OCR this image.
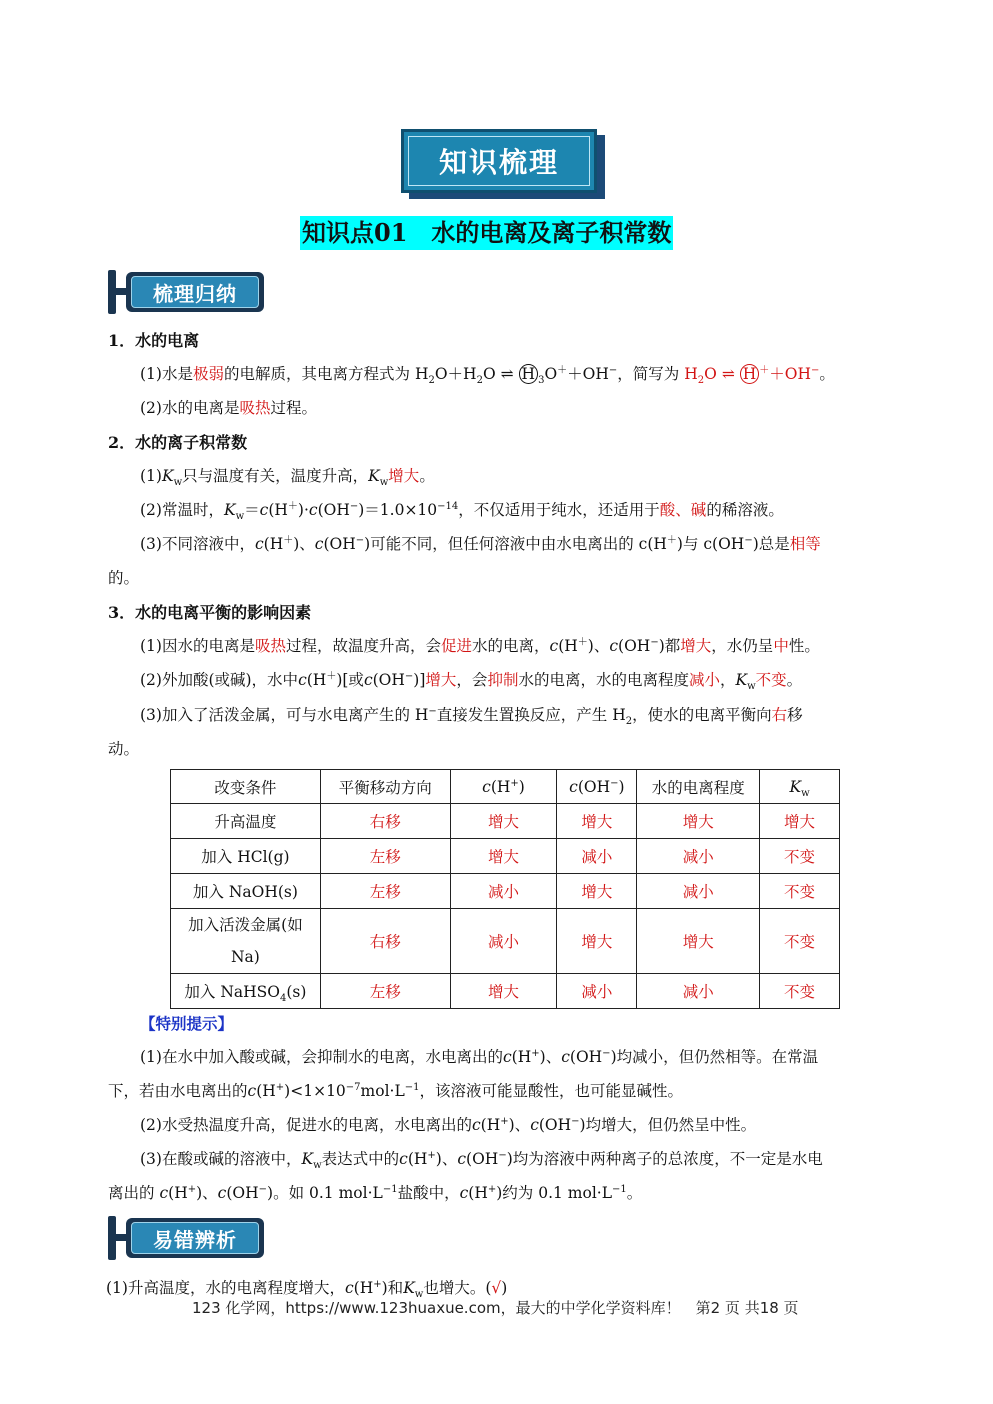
知识梳理
知识点01　水的电离及离子积常数
梳理归纳
1．水的电离
(1)水是极弱的电解质，其电离方程式为 $H_2O+H_2O$ ⇌ H $_3$O＋＋OH−，简写为 $H_2O$ ⇌ H ＋＋OH−。
(2)水的电离是吸热过程。
2．水的离子积常数
$(1)K_w$只与温度有关，温度升高，$K_w$增大。
(2)常温时，$K_w=c(H^+)\cdot c(OH^-)=1.0\times 10^{-14}$，不仅适用于纯水，还适用于酸、碱的稀溶液。
(3)不同溶液中，c(H＋)、c(OH−)可能不同，但任何溶液中由水电离出的 c(H＋)与 c(OH−)总是相等
的。
3．水的电离平衡的影响因素
(1)因水的电离是吸热过程，故温度升高，会促进水的电离，c(H＋)、c(OH−)都增大，水仍呈中性。
(2)外加酸(或碱)，水中c(H＋)[或c(OH−)]增大，会抑制水的电离，水的电离程度减小，$K_w$不变。
(3)加入了活泼金属，可与水电离产生的 H−直接发生置换反应，产生 $H_2$，使水的电离平衡向右移
动。
改变条件	平衡移动方向	c(H+)	c(OH−)	水的电离程度	$K_w$
升高温度	右移	增大	增大	增大	增大
加入 HCl(g)	左移	增大	减小	减小	不变
加入 NaOH(s)	左移	减小	增大	减小	不变
加入活泼金属(如Na)	右移	减小	增大	增大	不变
加入 NaHSO$_4$(s)	左移	增大	减小	减小	不变
【特别提示】
(1)在水中加入酸或碱，会抑制水的电离，水电离出的c(H+)、c(OH−)均减小，但仍然相等。在常温
下，若由水电离出的$c(H^+)<1\times 10^{-7}mol\cdot L^{-1}$，该溶液可能显酸性，也可能显碱性。
(2)水受热温度升高，促进水的电离，水电离出的c(H+)、c(OH−)均增大，但仍然呈中性。
(3)在酸或碱的溶液中，$K_w$表达式中的c(H+)、c(OH−)均为溶液中两种离子的总浓度，不一定是水电
离出的 c(H+)、c(OH−)。如 0.1 $mol\cdot L^{-1}$盐酸中，c(H+)约为 0.1 $mol\cdot L^{-1}$。
易错辨析
(1)升高温度，水的电离程度增大，c(H+)和$K_w$也增大。(√)
123 化学网，https://www.123huaxue.com，最大的中学化学资料库！　第2 页 共18 页
